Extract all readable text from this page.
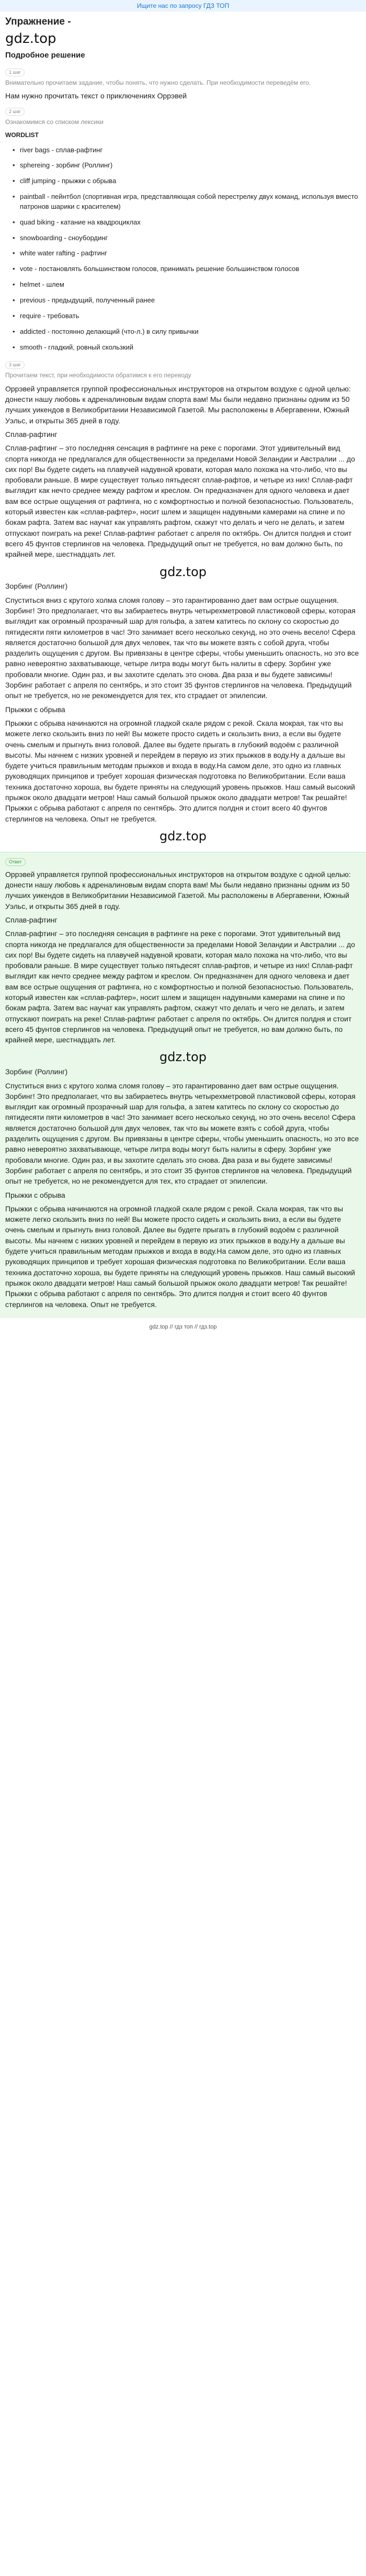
Ищите нас по запросу ГДЗ ТОП
Упражнение -
gdz.top
Подробное решение
1 шаг
Внимательно прочитаем задание, чтобы понять, что нужно сделать. При необходимости переведём его.
Нам нужно прочитать текст о приключениях Оррэвей
2 шаг
Ознакомимся со списком лексики
WORDLIST
• river bags - сплав-рафтинг
• sphereing - зорбинг (Роллинг)
• cliff jumping - прыжки с обрыва
• paintball - пейнтбол (спортивная игра, представляющая собой перестрелку двух команд, используя вместо патронов шарики с красителем)
• quad biking - катание на квадроциклах
• snowboarding - сноубординг
• white water rafting - рафтинг
• vote - постановлять большинством голосов, принимать решение большинством голосов
• helmet - шлем
• previous - предыдущий, полученный ранее
• require - требовать
• addicted - постоянно делающий (что-л.) в силу привычки
• smooth - гладкий, ровный скользкий
3 шаг
Прочитаем текст, при необходимости обратимся к его переводу

Оррэвей управляется группой профессиональных инструкторов на открытом воздухе с одной целью: донести нашу любовь к адреналиновым видам спорта вам! Мы были недавно признаны одним из 50 лучших уикендов в Великобритании Независимой Газетой. Мы расположены в Абергавенни, Южный Уэльс, и открыты 365 дней в году.

Сплав-рафтинг

Сплав-рафтинг – это последняя сенсация в рафтинге на реке с порогами. Этот удивительный вид спорта никогда не предлагался для общественности за пределами Новой Зеландии и Австралии ... до сих пор! Вы будете сидеть на плавучей надувной кровати, которая мало похожа на что-либо, что вы пробовали раньше. В мире существует только пятьдесят сплав-рафтов, и четыре из них! Сплав-рафт выглядит как нечто среднее между рафтом и креслом. Он предназначен для одного человека и дает вам все острые ощущения от рафтинга, но с комфортностью и полной безопасностью. Пользователь, который известен как «сплав-рафтер», носит шлем и защищен надувными камерами на спине и по бокам рафта. Затем вас научат как управлять рафтом, скажут что делать и чего не делать, и затем отпускают поиграть на реке! Сплав-рафтинг работает с апреля по октябрь. Он длится полдня и стоит всего 45 фунтов стерлингов на человека. Предыдущий опыт не требуется, но вам должно быть, по крайней мере, шестнадцать лет.

gdz.top

Зорбинг (Роллинг)

Спуститься вниз с крутого холма сломя голову – это гарантированно дает вам острые ощущения. Зорбинг! Это предполагает, что вы забираетесь внутрь четырехметровой пластиковой сферы, которая выглядит как огромный прозрачный шар для гольфа, а затем катитесь по склону со скоростью до пятидесяти пяти километров в час! Это занимает всего несколько секунд, но это очень весело! Сфера является достаточно большой для двух человек, так что вы можете взять с собой друга, чтобы разделить ощущения с другом. Вы привязаны в центре сферы, чтобы уменьшить опасность, но это все равно невероятно захватывающе, четыре литра воды могут быть налиты в сферу. Зорбинг уже пробовали многие. Один раз, и вы захотите сделать это снова. Два раза и вы будете зависимы! Зорбинг работает с апреля по сентябрь, и это стоит 35 фунтов стерлингов на человека. Предыдущий опыт не требуется, но не рекомендуется для тех, кто страдает от эпилепсии.

Прыжки с обрыва

Прыжки с обрыва начинаются на огромной гладкой скале рядом с рекой. Скала мокрая, так что вы можете легко скользить вниз по ней! Вы можете просто сидеть и скользить вниз, а если вы будете очень смелым и прыгнуть вниз головой. Далее вы будете прыгать в глубокий водоём с различной высоты. Мы начнем с низких уровней и перейдем в первую из этих прыжков в воду.Ну а дальше вы будете учиться правильным методам прыжков и входа в воду.На самом деле, это одно из главных руководящих принципов и требует хорошая физическая подготовка по Великобритании. Если ваша техника достаточно хороша, вы будете приняты на следующий уровень прыжков. Наш самый высокий прыжок около двадцати метров! Наш самый большой прыжок около двадцати метров! Так решайте! Прыжки с обрыва работают с апреля по сентябрь. Это длится полдня и стоит всего 40 фунтов стерлингов на человека. Опыт не требуется.

gdz.top
Ответ

Оррэвей управляется группой профессиональных инструкторов на открытом воздухе с одной целью: донести нашу любовь к адреналиновым видам спорта вам! Мы были недавно признаны одним из 50 лучших уикендов в Великобритании Независимой Газетой. Мы расположены в Абергавенни, Южный Уэльс, и открыты 365 дней в году.

Сплав-рафтинг

Сплав-рафтинг – это последняя сенсация в рафтинге на реке с порогами. Этот удивительный вид спорта никогда не предлагался для общественности за пределами Новой Зеландии и Австралии ... до сих пор! Вы будете сидеть на плавучей надувной кровати, которая мало похожа на что-либо, что вы пробовали раньше. В мире существует только пятьдесят сплав-рафтов, и четыре из них! Сплав-рафт выглядит как нечто среднее между рафтом и креслом. Он предназначен для одного человека и дает вам все острые ощущения от рафтинга, но с комфортностью и полной безопасностью. Пользователь, который известен как «сплав-рафтер», носит шлем и защищен надувными камерами на спине и по бокам рафта. Затем вас научат как управлять рафтом, скажут что делать и чего не делать, и затем отпускают поиграть на реке! Сплав-рафтинг работает с апреля по октябрь. Он длится полдня и стоит всего 45 фунтов стерлингов на человека. Предыдущий опыт не требуется, но вам должно быть, по крайней мере, шестнадцать лет.

gdz.top

Зорбинг (Роллинг)

Спуститься вниз с крутого холма сломя голову – это гарантированно дает вам острые ощущения. Зорбинг! Это предполагает, что вы забираетесь внутрь четырехметровой пластиковой сферы, которая выглядит как огромный прозрачный шар для гольфа, а затем катитесь по склону со скоростью до пятидесяти пяти километров в час! Это занимает всего несколько секунд, но это очень весело! Сфера является достаточно большой для двух человек, так что вы можете взять с собой друга, чтобы разделить ощущения с другом. Вы привязаны в центре сферы, чтобы уменьшить опасность, но это все равно невероятно захватывающе, четыре литра воды могут быть налиты в сферу. Зорбинг уже пробовали многие. Один раз, и вы захотите сделать это снова. Два раза и вы будете зависимы! Зорбинг работает с апреля по сентябрь, и это стоит 35 фунтов стерлингов на человека. Предыдущий опыт не требуется, но не рекомендуется для тех, кто страдает от эпилепсии.

Прыжки с обрыва

Прыжки с обрыва начинаются на огромной гладкой скале рядом с рекой. Скала мокрая, так что вы можете легко скользить вниз по ней! Вы можете просто сидеть и скользить вниз, а если вы будете очень смелым и прыгнуть вниз головой. Далее вы будете прыгать в глубокий водоём с различной высоты. Мы начнем с низких уровней и перейдем в первую из этих прыжков в воду.Ну а дальше вы будете учиться правильным методам прыжков и входа в воду.На самом деле, это одно из главных руководящих принципов и требует хорошая физическая подготовка по Великобритании. Если ваша техника достаточно хороша, вы будете приняты на следующий уровень прыжков. Наш самый высокий прыжок около двадцати метров! Наш самый большой прыжок около двадцати метров! Так решайте! Прыжки с обрыва работают с апреля по сентябрь. Это длится полдня и стоит всего 40 фунтов стерлингов на человека. Опыт не требуется.

gdz.top // гдз топ // гдз.top
